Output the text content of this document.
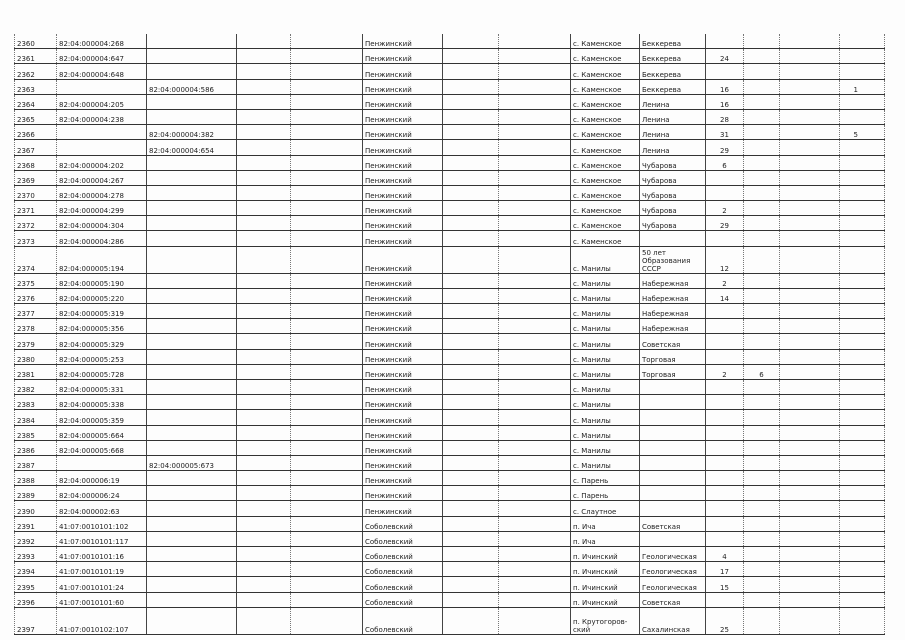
2360	82:04:000004:268				Пенжинский			с. Каменское	Беккерева				
2361	82:04:000004:647				Пенжинский			с. Каменское	Беккерева	24			
2362	82:04:000004:648				Пенжинский			с. Каменское	Беккерева				
2363		82:04:000004:586			Пенжинский			с. Каменское	Беккерева	16			1
2364	82:04:000004:205				Пенжинский			с. Каменское	Ленина	16			
2365	82:04:000004:238				Пенжинский			с. Каменское	Ленина	28			
2366		82:04:000004:382			Пенжинский			с. Каменское	Ленина	31			5
2367		82:04:000004:654			Пенжинский			с. Каменское	Ленина	29			
2368	82:04:000004:202				Пенжинский			с. Каменское	Чубарова	6			
2369	82:04:000004:267				Пенжинский			с. Каменское	Чубарова				
2370	82:04:000004:278				Пенжинский			с. Каменское	Чубарова				
2371	82:04:000004:299				Пенжинский			с. Каменское	Чубарова	2			
2372	82:04:000004:304				Пенжинский			с. Каменское	Чубарова	29			
2373	82:04:000004:286				Пенжинский			с. Каменское					
2374	82:04:000005:194				Пенжинский			с. Манилы	50 лет Образования СССР	12			
2375	82:04:000005:190				Пенжинский			с. Манилы	Набережная	2			
2376	82:04:000005:220				Пенжинский			с. Манилы	Набережная	14			
2377	82:04:000005:319				Пенжинский			с. Манилы	Набережная				
2378	82:04:000005:356				Пенжинский			с. Манилы	Набережная				
2379	82:04:000005:329				Пенжинский			с. Манилы	Советская				
2380	82:04:000005:253				Пенжинский			с. Манилы	Торговая				
2381	82:04:000005:728				Пенжинский			с. Манилы	Торговая	2	6		
2382	82:04:000005:331				Пенжинский			с. Манилы					
2383	82:04:000005:338				Пенжинский			с. Манилы					
2384	82:04:000005:359				Пенжинский			с. Манилы					
2385	82:04:000005:664				Пенжинский			с. Манилы					
2386	82:04:000005:668				Пенжинский			с. Манилы					
2387		82:04:000005:673			Пенжинский			с. Манилы					
2388	82:04:000006:19				Пенжинский			с. Парень					
2389	82:04:000006:24				Пенжинский			с. Парень					
2390	82:04:000002:63				Пенжинский			с. Слаутное					
2391	41:07:0010101:102				Соболевский			п. Ича	Советская				
2392	41:07:0010101:117				Соболевский			п. Ича					
2393	41:07:0010101:16				Соболевский			п. Ичинский	Геологическая	4			
2394	41:07:0010101:19				Соболевский			п. Ичинский	Геологическая	17			
2395	41:07:0010101:24				Соболевский			п. Ичинский	Геологическая	15			
2396	41:07:0010101:60				Соболевский			п. Ичинский	Советская				
2397	41:07:0010102:107				Соболевский			п. Крутогоров-ский	Сахалинская	25			
